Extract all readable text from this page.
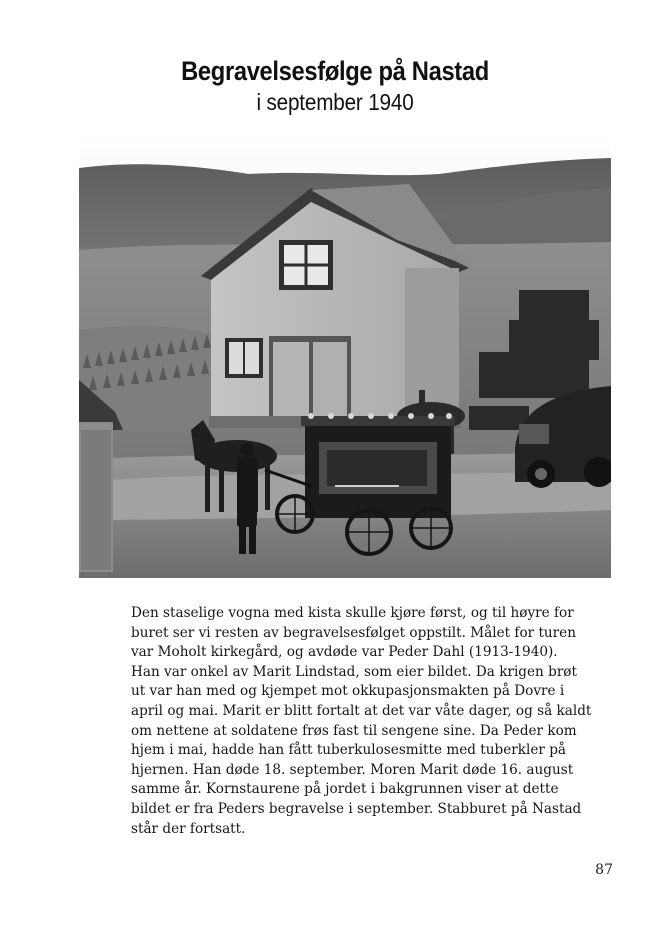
Begravelsesfølge på Nastad
i september 1940
Den staselige vogna med kista skulle kjøre først, og til høyre for
buret ser vi resten av begravelsesfølget oppstilt. Målet for turen
var Moholt kirkegård, og avdøde var Peder Dahl (1913-1940).
Han var onkel av Marit Lindstad, som eier bildet. Da krigen brøt
ut var han med og kjempet mot okkupasjonsmakten på Dovre i
april og mai. Marit er blitt fortalt at det var våte dager, og så kaldt
om nettene at soldatene frøs fast til sengene sine. Da Peder kom
hjem i mai, hadde han fått tuberkulosesmitte med tuberkler på
hjernen. Han døde 18. september. Moren Marit døde 16. august
samme år. Kornstaurene på jordet i bakgrunnen viser at dette
bildet er fra Peders begravelse i september. Stabburet på Nastad
står der fortsatt.
87
